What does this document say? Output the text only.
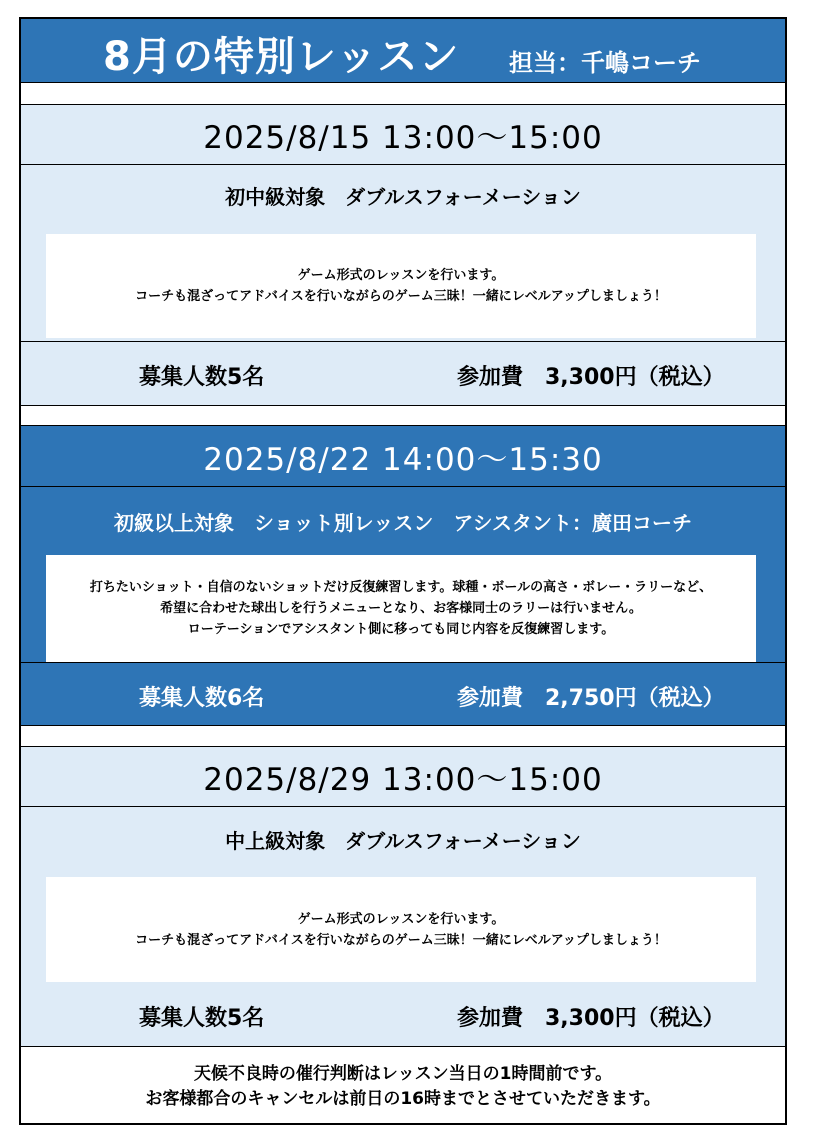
8月の特別レッスン 担当：千嶋コーチ
2025/8/15 13:00～15:00
初中級対象　ダブルスフォーメーション
ゲーム形式のレッスンを行います。
コーチも混ざってアドバイスを行いながらのゲーム三昧！一緒にレベルアップしましょう！
募集人数5名	参加費　3,300円（税込）
2025/8/22 14:00～15:30
初級以上対象　ショット別レッスン　アシスタント：廣田コーチ
打ちたいショット・自信のないショットだけ反復練習します。球種・ボールの高さ・ボレー・ラリーなど、
希望に合わせた球出しを行うメニューとなり、お客様同士のラリーは行いません。
ローテーションでアシスタント側に移っても同じ内容を反復練習します。
募集人数6名	参加費　2,750円（税込）
2025/8/29 13:00～15:00
中上級対象　ダブルスフォーメーション
ゲーム形式のレッスンを行います。
コーチも混ざってアドバイスを行いながらのゲーム三昧！一緒にレベルアップしましょう！
募集人数5名	参加費　3,300円（税込）
天候不良時の催行判断はレッスン当日の1時間前です。
お客様都合のキャンセルは前日の16時までとさせていただきます。
